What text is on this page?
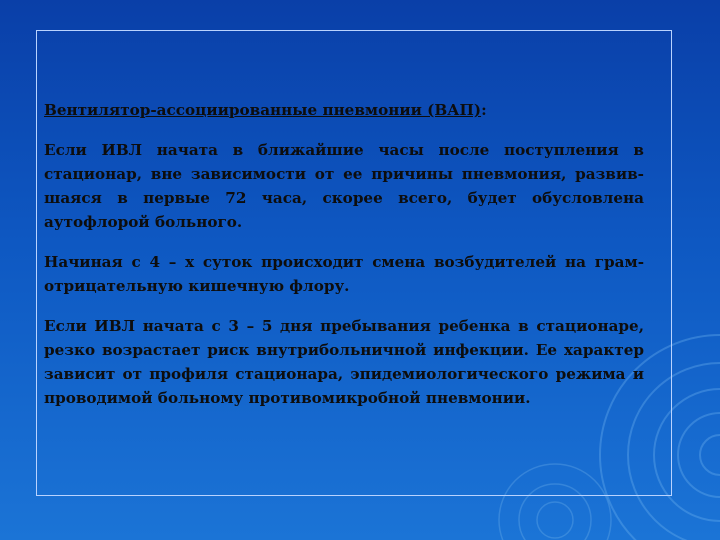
Вентилятор-ассоциированные пневмонии (ВАП):

Если ИВЛ начата в ближайшие часы после поступления в стационар, вне зависимости от ее причины пневмония, развив-шаяся в первые 72 часа, скорее всего, будет обусловлена аутофлорой больного.

Начиная с 4 – х суток происходит смена возбудителей на грам-отрицательную кишечную флору.

Если ИВЛ начата с 3 – 5 дня пребывания ребенка в стационаре, резко возрастает риск внутрибольничной инфекции. Ее характер зависит от профиля стационара, эпидемиологического режима и проводимой больному противомикробной пневмонии.
